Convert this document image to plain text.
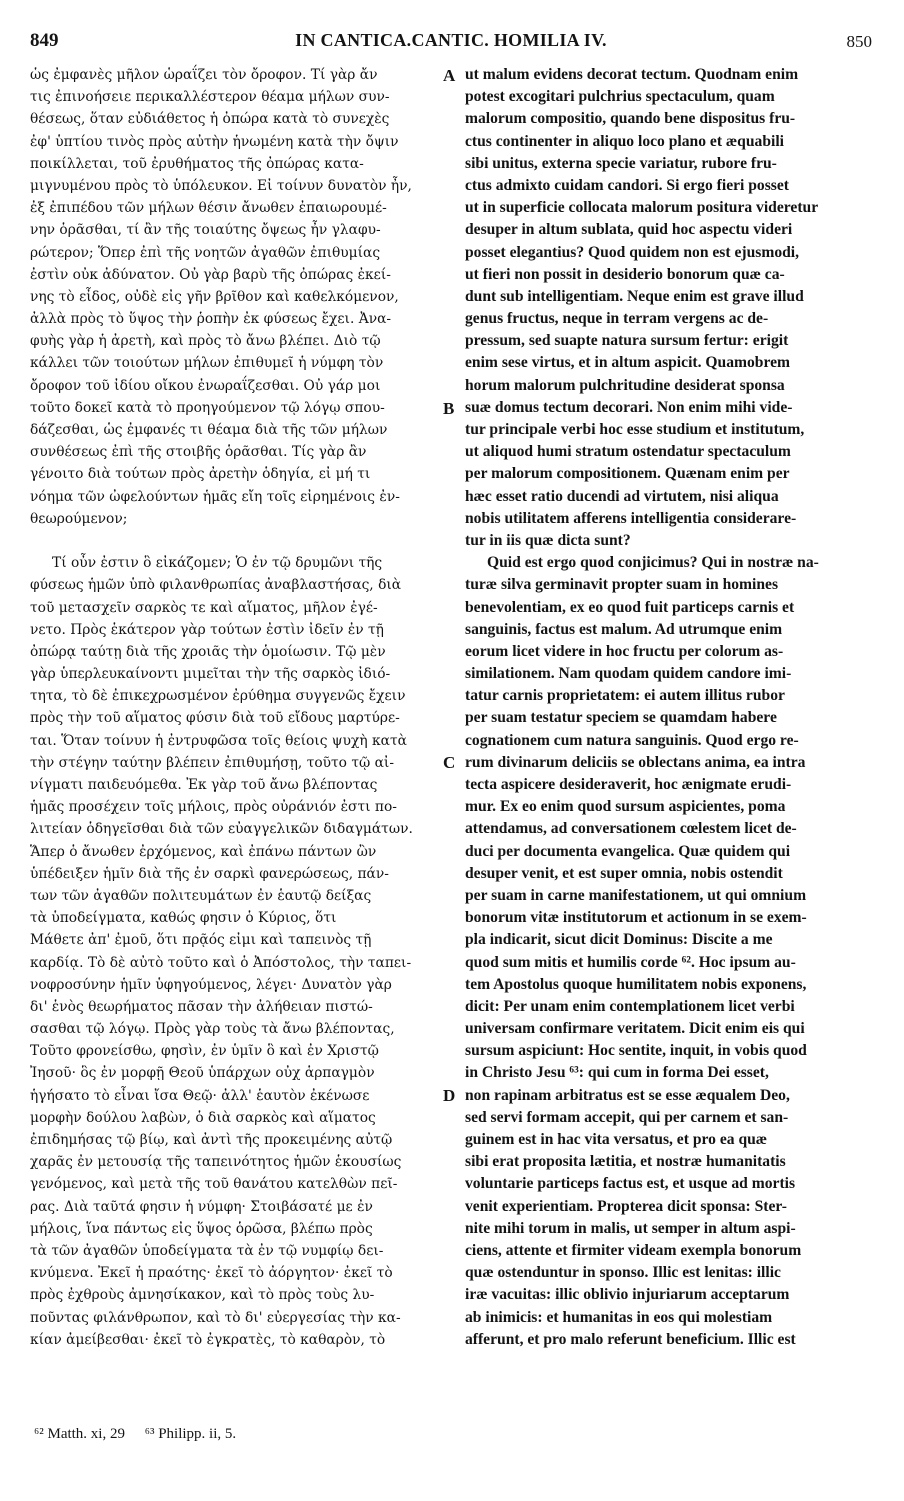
849	IN CANTICA.CANTIC. HOMILIA IV.	850
ὡς ἐμφανὲς μῆλον ὡραΐζει τὸν ὄροφον. Τί γὰρ ἄν
τις ἐπινοήσειε περικαλλέστερον θέαμα μήλων συν-
θέσεως, ὅταν εὐδιάθετος ἡ ὀπώρα κατὰ τὸ συνεχὲς
ἐφ' ὑπτίου τινὸς πρὸς αὐτὴν ἡνωμένη κατὰ τὴν ὄψιν
ποικίλλεται, τοῦ ἐρυθήματος τῆς ὀπώρας κατα-
μιγνυμένου πρὸς τὸ ὑπόλευκον. Εἰ τοίνυν δυνατὸν ἦν,
ἐξ ἐπιπέδου τῶν μήλων θέσιν ἄνωθεν ἐπαιωρουμέ-
νην ὁρᾶσθαι, τί ἂν τῆς τοιαύτης ὄψεως ἦν γλαφυ-
ρώτερον; Ὅπερ ἐπὶ τῆς νοητῶν ἀγαθῶν ἐπιθυμίας
ἐστὶν οὐκ ἀδύνατον. Οὐ γὰρ βαρὺ τῆς ὀπώρας ἐκεί-
νης τὸ εἶδος, οὐδὲ εἰς γῆν βρῖθον καὶ καθελκόμενον,
ἀλλὰ πρὸς τὸ ὕψος τὴν ῥοπὴν ἐκ φύσεως ἔχει. Ἀνα-
φυὴς γὰρ ἡ ἀρετὴ, καὶ πρὸς τὸ ἄνω βλέπει. Διὸ τῷ
κάλλει τῶν τοιούτων μήλων ἐπιθυμεῖ ἡ νύμφη τὸν
ὄροφον τοῦ ἰδίου οἴκου ἐνωραΐζεσθαι. Οὐ γάρ μοι
τοῦτο δοκεῖ κατὰ τὸ προηγούμενον τῷ λόγῳ σπου-
δάζεσθαι, ὡς ἐμφανές τι θέαμα διὰ τῆς τῶν μήλων
συνθέσεως ἐπὶ τῆς στοιβῆς ὁρᾶσθαι. Τίς γὰρ ἂν
γένοιτο διὰ τούτων πρὸς ἀρετὴν ὁδηγία, εἰ μή τι
νόημα τῶν ὠφελούντων ἡμᾶς εἴη τοῖς εἰρημένοις ἐν-
θεωρούμενον;
Τί οὖν ἐστιν ὃ εἰκάζομεν; Ὁ ἐν τῷ δρυμῶνι τῆς
φύσεως ἡμῶν ὑπὸ φιλανθρωπίας ἀναβλαστήσας, διὰ
τοῦ μετασχεῖν σαρκὸς τε καὶ αἵματος, μῆλον ἐγέ-
νετο. Πρὸς ἑκάτερον γὰρ τούτων ἐστὶν ἰδεῖν ἐν τῇ
ὀπώρᾳ ταύτῃ διὰ τῆς χροιᾶς τὴν ὁμοίωσιν. Τῷ μὲν
γὰρ ὑπερλευκαίνοντι μιμεῖται τὴν τῆς σαρκὸς ἰδιό-
τητα, τὸ δὲ ἐπικεχρωσμένον ἐρύθημα συγγενῶς ἔχειν
πρὸς τὴν τοῦ αἵματος φύσιν διὰ τοῦ εἴδους μαρτύρε-
ται. Ὅταν τοίνυν ἡ ἐντρυφῶσα τοῖς θείοις ψυχὴ κατὰ
τὴν στέγην ταύτην βλέπειν ἐπιθυμήσῃ, τοῦτο τῷ αἰ-
νίγματι παιδευόμεθα. Ἐκ γὰρ τοῦ ἄνω βλέποντας
ἡμᾶς προσέχειν τοῖς μήλοις, πρὸς οὐράνιόν ἐστι πο-
λιτείαν ὁδηγεῖσθαι διὰ τῶν εὐαγγελικῶν διδαγμάτων.
Ἅπερ ὁ ἄνωθεν ἐρχόμενος, καὶ ἐπάνω πάντων ὢν
ὑπέδειξεν ἡμῖν διὰ τῆς ἐν σαρκὶ φανερώσεως, πάν-
των τῶν ἀγαθῶν πολιτευμάτων ἐν ἑαυτῷ δείξας
τὰ ὑποδείγματα, καθώς φησιν ὁ Κύριος, ὅτι
Μάθετε ἀπ' ἐμοῦ, ὅτι πρᾷός εἰμι καὶ ταπεινὸς τῇ
καρδίᾳ. Τὸ δὲ αὐτὸ τοῦτο καὶ ὁ Ἀπόστολος, τὴν ταπει-
νοφροσύνην ἡμῖν ὑφηγούμενος, λέγει· Δυνατὸν γὰρ
δι' ἑνὸς θεωρήματος πᾶσαν τὴν ἀλήθειαν πιστώ-
σασθαι τῷ λόγῳ. Πρὸς γὰρ τοὺς τὰ ἄνω βλέποντας,
Τοῦτο φρονείσθω, φησὶν, ἐν ὑμῖν ὃ καὶ ἐν Χριστῷ
Ἰησοῦ· ὃς ἐν μορφῇ Θεοῦ ὑπάρχων οὐχ ἁρπαγμὸν
ἡγήσατο τὸ εἶναι ἴσα Θεῷ· ἀλλ' ἑαυτὸν ἐκένωσε
μορφὴν δούλου λαβὼν, ὁ διὰ σαρκὸς καὶ αἵματος
ἐπιδημήσας τῷ βίῳ, καὶ ἀντὶ τῆς προκειμένης αὐτῷ
χαρᾶς ἐν μετουσίᾳ τῆς ταπεινότητος ἡμῶν ἑκουσίως
γενόμενος, καὶ μετὰ τῆς τοῦ θανάτου κατελθὼν πεῖ-
ρας. Διὰ ταῦτά φησιν ἡ νύμφη· Στοιβάσατέ με ἐν
μήλοις, ἵνα πάντως εἰς ὕψος ὁρῶσα, βλέπω πρὸς
τὰ τῶν ἀγαθῶν ὑποδείγματα τὰ ἐν τῷ νυμφίῳ δει-
κνύμενα. Ἐκεῖ ἡ πραότης· ἐκεῖ τὸ ἀόργητον· ἐκεῖ τὸ
πρὸς ἐχθροὺς ἀμνησίκακον, καὶ τὸ πρὸς τοὺς λυ-
ποῦντας φιλάνθρωπον, καὶ τὸ δι' εὐεργεσίας τὴν κα-
κίαν ἀμείβεσθαι· ἐκεῖ τὸ ἐγκρατὲς, τὸ καθαρὸν, τὸ
ut malum evidens decorat tectum. Quodnam enim
potest excogitari pulchrius spectaculum, quam
malorum compositio, quando bene dispositus fru-
ctus continenter in aliquo loco plano et æquabili
sibi unitus, externa specie variatur, rubore fru-
ctus admixto cuidam candori. Si ergo fieri posset
ut in superficie collocata malorum positura videretur
desuper in altum sublata, quid hoc aspectu videri
posset elegantius? Quod quidem non est ejusmodi,
ut fieri non possit in desiderio bonorum quæ ca-
dunt sub intelligentiam. Neque enim est grave illud
genus fructus, neque in terram vergens ac de-
pressum, sed suapte natura sursum fertur: erigit
enim sese virtus, et in altum aspicit. Quamobrem
horum malorum pulchritudine desiderat sponsa
suæ domus tectum decorari. Non enim mihi vide-
tur principale verbi hoc esse studium et institutum,
ut aliquod humi stratum ostendatur spectaculum
per malorum compositionem. Quænam enim per
hæc esset ratio ducendi ad virtutem, nisi aliqua
nobis utilitatem afferens intelligentia considerare-
tur in iis quæ dicta sunt?
Quid est ergo quod conjicimus? Qui in nostræ na-
turæ silva germinavit propter suam in homines
benevolentiam, ex eo quod fuit particeps carnis et
sanguinis, factus est malum. Ad utrumque enim
eorum licet videre in hoc fructu per colorum as-
similationem. Nam quodam quidem candore imi-
tatur carnis proprietatem: ei autem illitus rubor
per suam testatur speciem se quamdam habere
cognationem cum natura sanguinis. Quod ergo re-
rum divinarum deliciis se oblectans anima, ea intra
tecta aspicere desideraverit, hoc ænigmate erudi-
mur. Ex eo enim quod sursum aspicientes, poma
attendamus, ad conversationem cœlestem licet de-
duci per documenta evangelica. Quæ quidem qui
desuper venit, et est super omnia, nobis ostendit
per suam in carne manifestationem, ut qui omnium
bonorum vitæ institutorum et actionum in se exem-
pla indicarit, sicut dicit Dominus: Discite a me
quod sum mitis et humilis corde ⁶². Hoc ipsum au-
tem Apostolus quoque humilitatem nobis exponens,
dicit: Per unam enim contemplationem licet verbi
universam confirmare veritatem. Dicit enim eis qui
sursum aspiciunt: Hoc sentite, inquit, in vobis quod
in Christo Jesu ⁶³: qui cum in forma Dei esset,
non rapinam arbitratus est se esse æqualem Deo,
sed servi formam accepit, qui per carnem et san-
guinem est in hac vita versatus, et pro ea quæ
sibi erat proposita lætitia, et nostræ humanitatis
voluntarie particeps factus est, et usque ad mortis
venit experientiam. Propterea dicit sponsa: Ster-
nite mihi torum in malis, ut semper in altum aspi-
ciens, attente et firmiter videam exempla bonorum
quæ ostenduntur in sponso. Illic est lenitas: illic
iræ vacuitas: illic oblivio injuriarum acceptarum
ab inimicis: et humanitas in eos qui molestiam
afferunt, et pro malo referunt beneficium. Illic est
A
B
C
D
⁶² Matth. xi, 29 ⁶³ Philipp. ii, 5.
